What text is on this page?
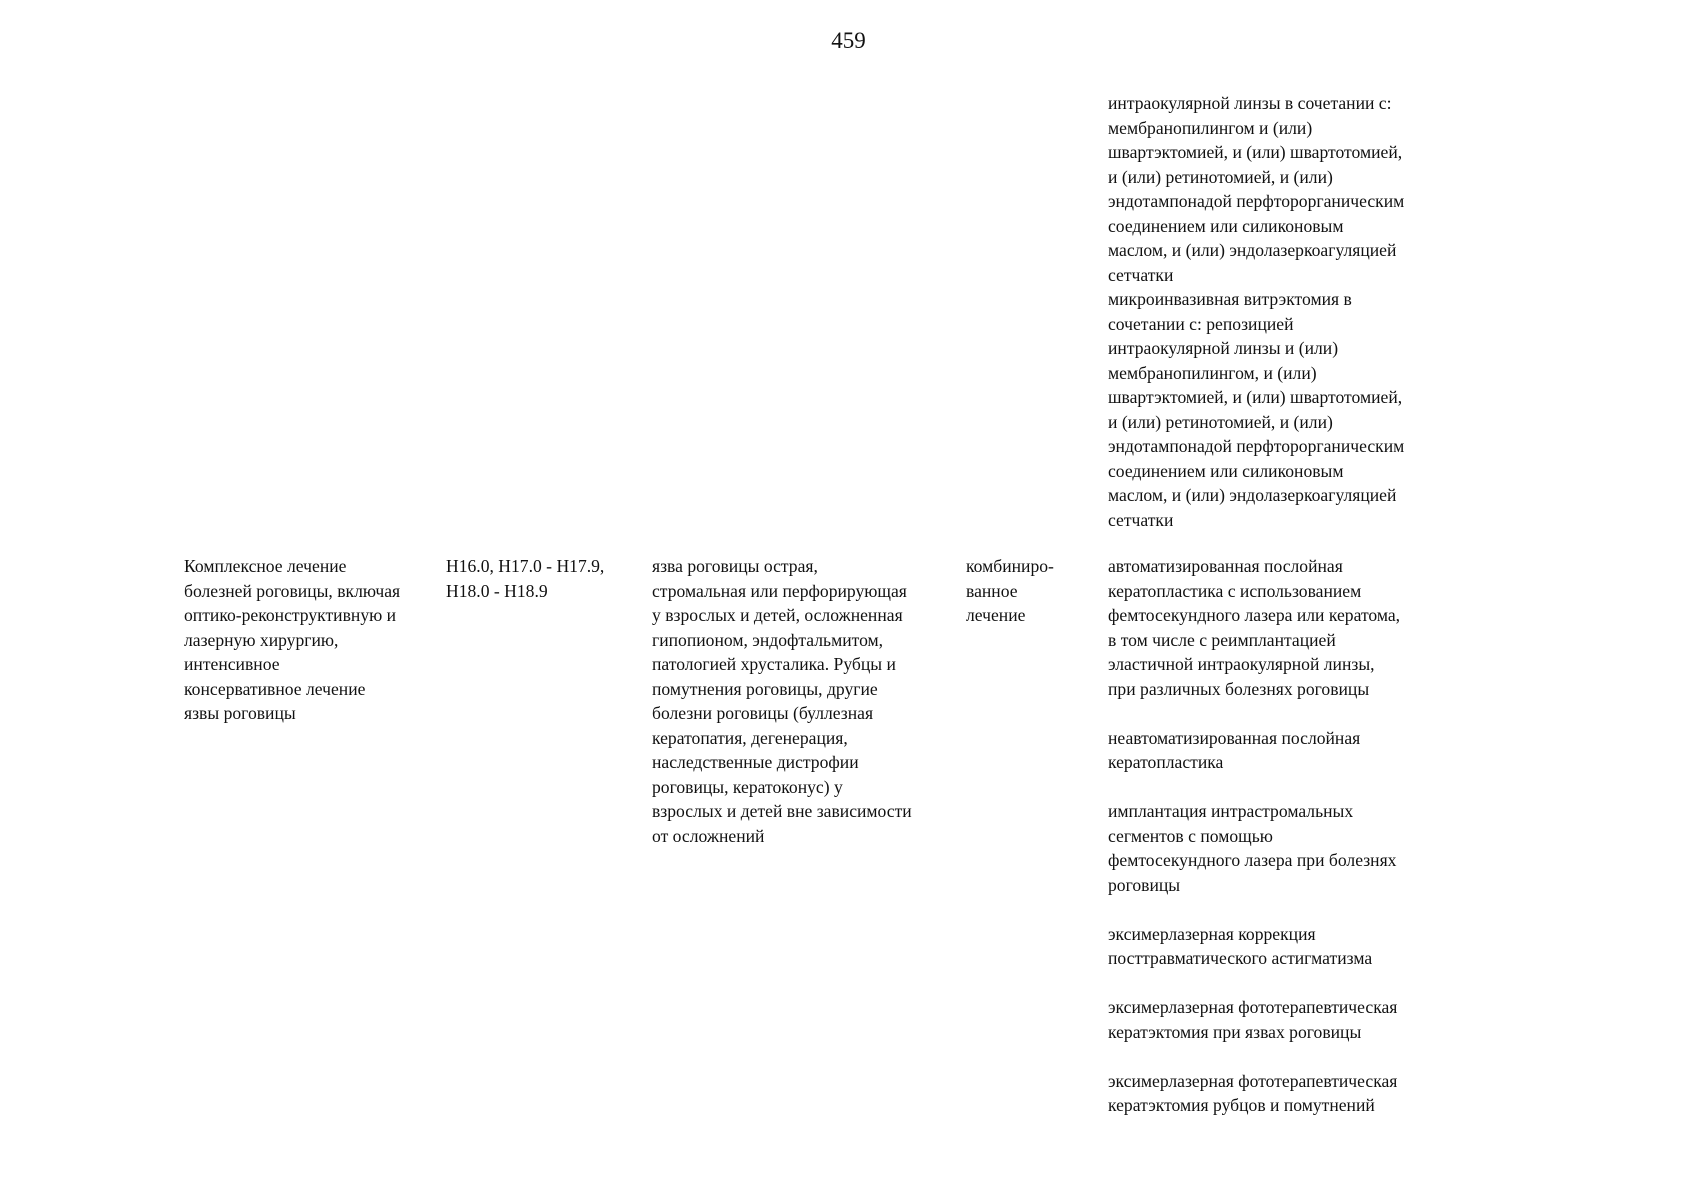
459
интраокулярной линзы в сочетании с:
мембранопилингом и (или)
швартэктомией, и (или) швартотомией,
и (или) ретинотомией, и (или)
эндотампонадой перфторорганическим
соединением или силиконовым
маслом, и (или) эндолазеркоагуляцией
сетчатки
микроинвазивная витрэктомия в
сочетании с: репозицией
интраокулярной линзы и (или)
мембранопилингом, и (или)
швартэктомией, и (или) швартотомией,
и (или) ретинотомией, и (или)
эндотампонадой перфторорганическим
соединением или силиконовым
маслом, и (или) эндолазеркоагуляцией
сетчатки
Комплексное лечение
болезней роговицы, включая
оптико-реконструктивную и
лазерную хирургию,
интенсивное
консервативное лечение
язвы роговицы
H16.0, H17.0 - H17.9,
H18.0 - H18.9
язва роговицы острая,
стромальная или перфорирующая
у взрослых и детей, осложненная
гипопионом, эндофтальмитом,
патологией хрусталика. Рубцы и
помутнения роговицы, другие
болезни роговицы (буллезная
кератопатия, дегенерация,
наследственные дистрофии
роговицы, кератоконус) у
взрослых и детей вне зависимости
от осложнений
комбиниро-
ванное
лечение
автоматизированная послойная
кератопластика с использованием
фемтосекундного лазера или кератома,
в том числе с реимплантацией
эластичной интраокулярной линзы,
при различных болезнях роговицы
неавтоматизированная послойная
кератопластика
имплантация интрастромальных
сегментов с помощью
фемтосекундного лазера при болезнях
роговицы
эксимерлазерная коррекция
посттравматического астигматизма
эксимерлазерная фототерапевтическая
кератэктомия при язвах роговицы
эксимерлазерная фототерапевтическая
кератэктомия рубцов и помутнений
